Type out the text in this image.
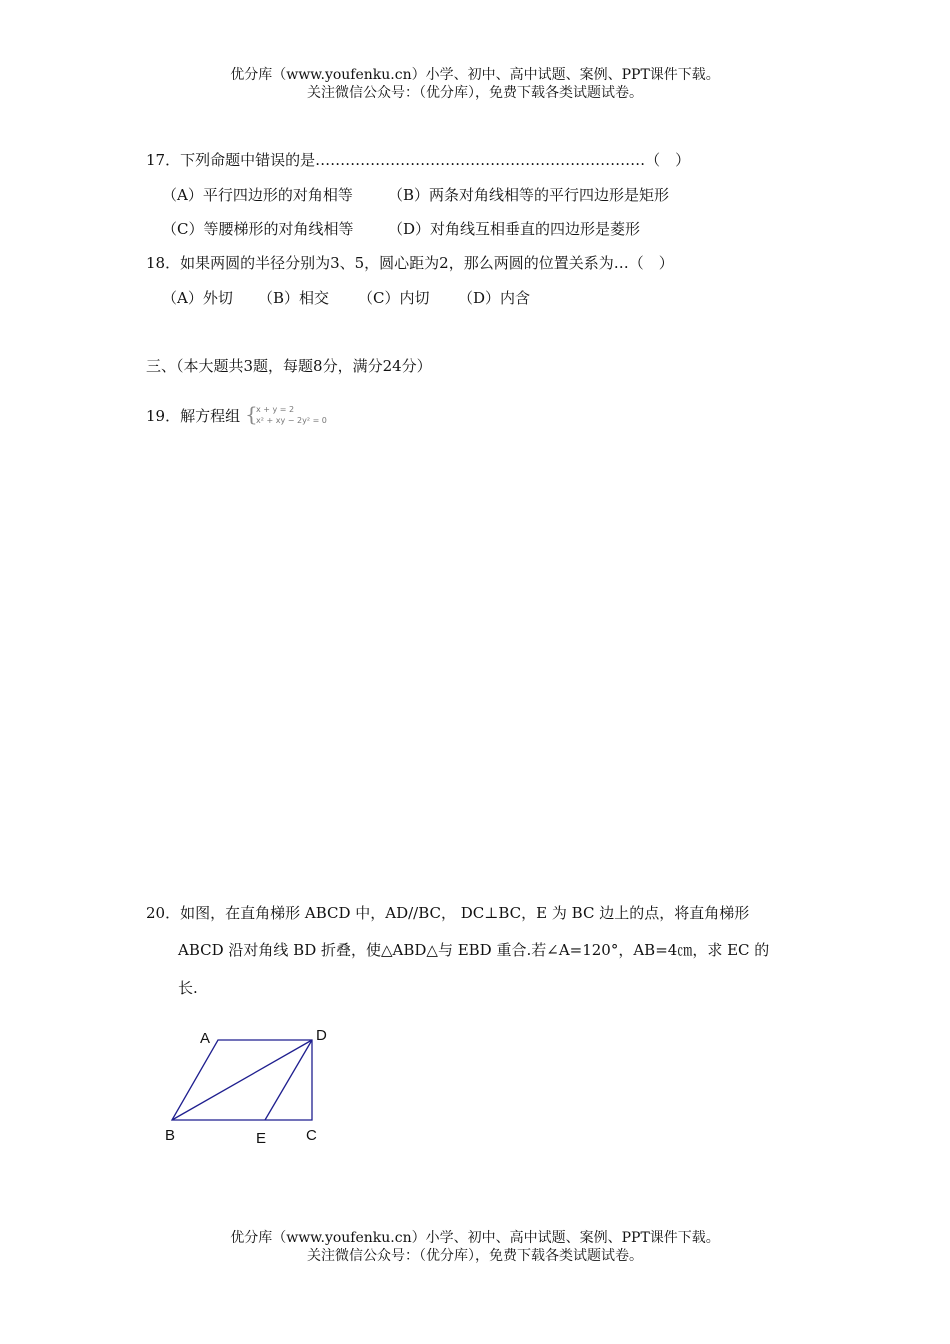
优分库（www.youfenku.cn）小学、初中、高中试题、案例、PPT课件下载。
关注微信公众号：（优分库），免费下载各类试题试卷。
17．下列命题中错误的是…………………………………………………………（　）
（A）平行四边形的对角相等 （B）两条对角线相等的平行四边形是矩形
（C）等腰梯形的对角线相等 （D）对角线互相垂直的四边形是菱形
18．如果两圆的半径分别为3、5，圆心距为2，那么两圆的位置关系为…（　）
（A）外切 （B）相交 （C）内切 （D）内含
三、（本大题共3题，每题8分，满分24分）
19．解方程组 {
x + y = 2
x² + xy − 2y² = 0
20．如图，在直角梯形 ABCD 中，AD//BC， DC⊥BC，E 为 BC 边上的点，将直角梯形
ABCD 沿对角线 BD 折叠，使△ABD△与 EBD 重合.若∠A=120°，AB=4㎝，求 EC 的
长.
A	D
B	E	C
优分库（www.youfenku.cn）小学、初中、高中试题、案例、PPT课件下载。
关注微信公众号：（优分库），免费下载各类试题试卷。
